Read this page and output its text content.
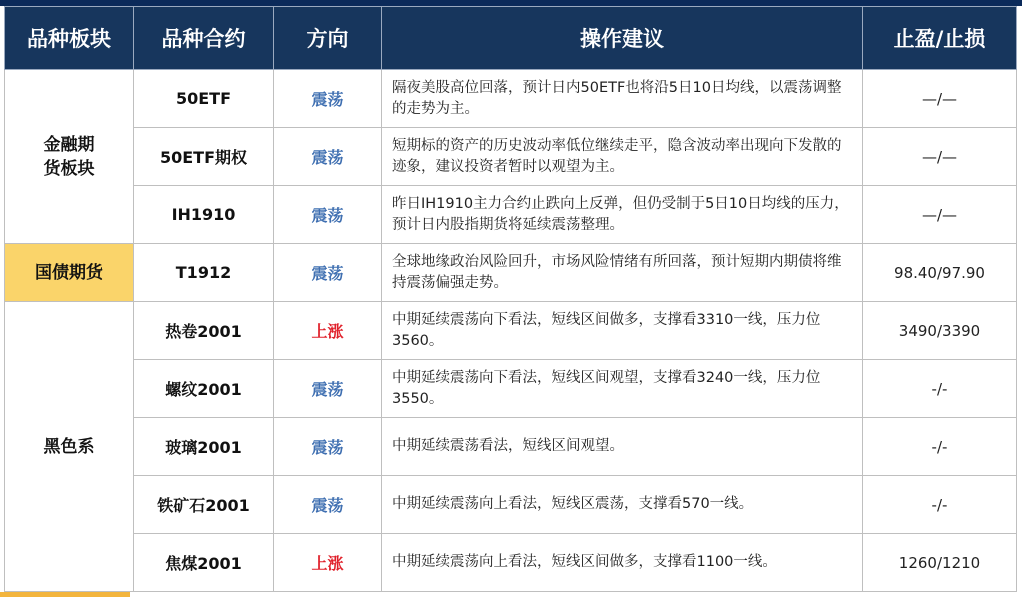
品种板块	品种合约	方向	操作建议	止盈/止损

金融期货板块	50ETF	震荡	隔夜美股高位回落，预计日内50ETF也将沿5日10日均线，以震荡调整的走势为主。	—/—
	50ETF期权	震荡	短期标的资产的历史波动率低位继续走平，隐含波动率出现向下发散的迹象，建议投资者暂时以观望为主。	—/—
	IH1910	震荡	昨日IH1910主力合约止跌向上反弹，但仍受制于5日10日均线的压力，预计日内股指期货将延续震荡整理。	—/—
国债期货	T1912	震荡	全球地缘政治风险回升，市场风险情绪有所回落，预计短期内期债将维持震荡偏强走势。	98.40/97.90
黑色系	热卷2001	上涨	中期延续震荡向下看法，短线区间做多，支撑看3310一线，压力位3560。	3490/3390
	螺纹2001	震荡	中期延续震荡向下看法，短线区间观望，支撑看3240一线，压力位3550。	-/-
	玻璃2001	震荡	中期延续震荡看法，短线区间观望。	-/-
	铁矿石2001	震荡	中期延续震荡向上看法，短线区震荡，支撑看570一线。	-/-
	焦煤2001	上涨	中期延续震荡向上看法，短线区间做多，支撑看1100一线。	1260/1210
